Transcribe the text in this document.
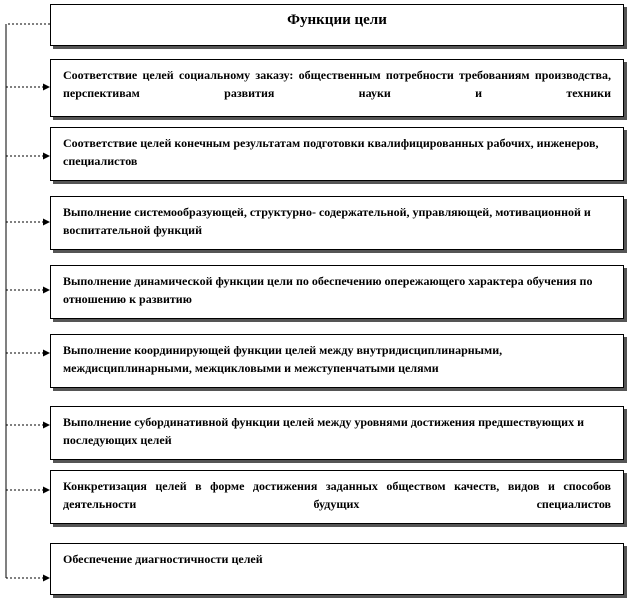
Функции цели
Соответствие целей социальному заказу: общественным потребности требованиям производства, перспективам развития науки и техники
Соответствие целей конечным результатам подготовки квалифицированных рабочих, инженеров, специалистов
Выполнение системообразующей, структурно- содержательной, управляющей, мотивационной и воспитательной функций
Выполнение динамической функции цели по обеспечению опережающего характера обучения по отношению к развитию
Выполнение координирующей функции целей между внутридисциплинарными, междисциплинарными, межцикловыми и межступенчатыми целями
Выполнение субординативной функции целей между уровнями достижения предшествующих и последующих целей
Конкретизация целей в форме достижения заданных обществом качеств, видов и способов деятельности будущих специалистов
Обеспечение диагностичности целей
